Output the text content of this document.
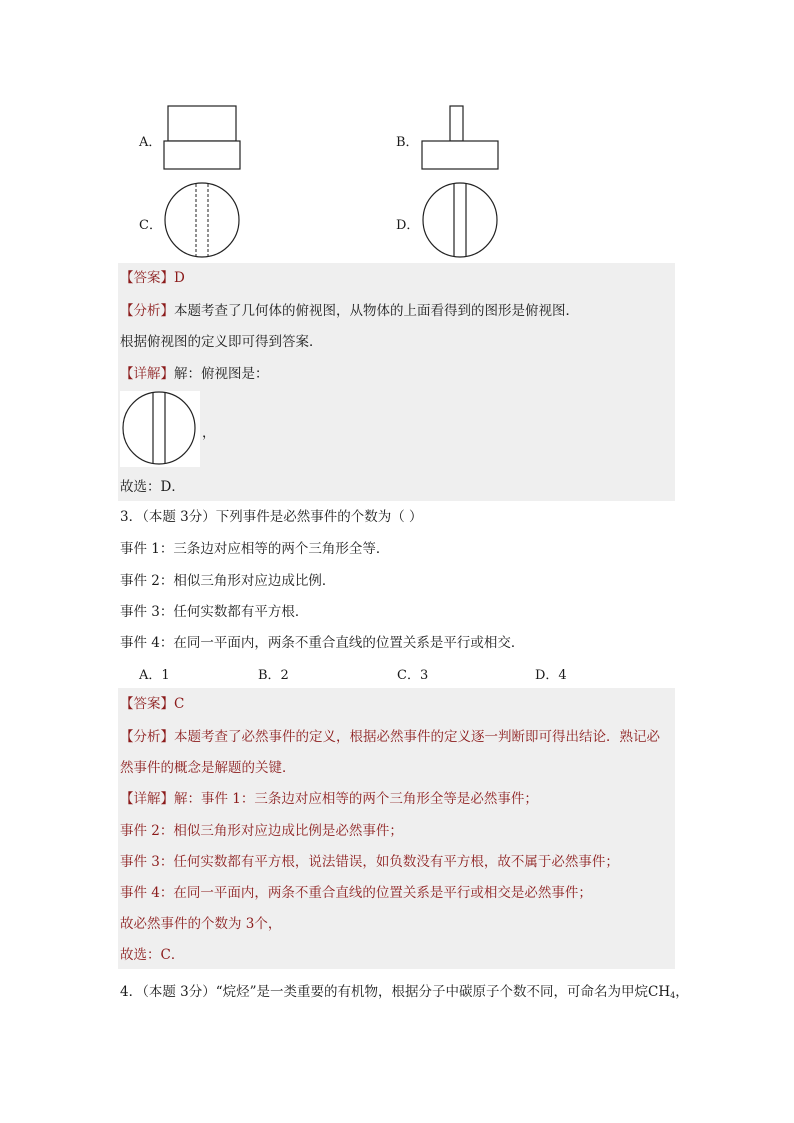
A．	B．
C．	D．
【答案】D
【分析】本题考查了几何体的俯视图，从物体的上面看得到的图形是俯视图．
根据俯视图的定义即可得到答案．
【详解】解：俯视图是：
，
故选：D．
3．（本题 3分）下列事件是必然事件的个数为（ ）
事件 1：三条边对应相等的两个三角形全等．
事件 2：相似三角形对应边成比例．
事件 3：任何实数都有平方根．
事件 4：在同一平面内，两条不重合直线的位置关系是平行或相交．
A．1	B．2	C．3	D．4
【答案】C
【分析】本题考查了必然事件的定义，根据必然事件的定义逐一判断即可得出结论．熟记必
然事件的概念是解题的关键．
【详解】解：事件 1：三条边对应相等的两个三角形全等是必然事件；
事件 2：相似三角形对应边成比例是必然事件；
事件 3：任何实数都有平方根，说法错误，如负数没有平方根，故不属于必然事件；
事件 4：在同一平面内，两条不重合直线的位置关系是平行或相交是必然事件；
故必然事件的个数为 3个，
故选：C．
4．（本题 3分）“烷烃”是一类重要的有机物，根据分子中碳原子个数不同，可命名为甲烷$CH_4$，
